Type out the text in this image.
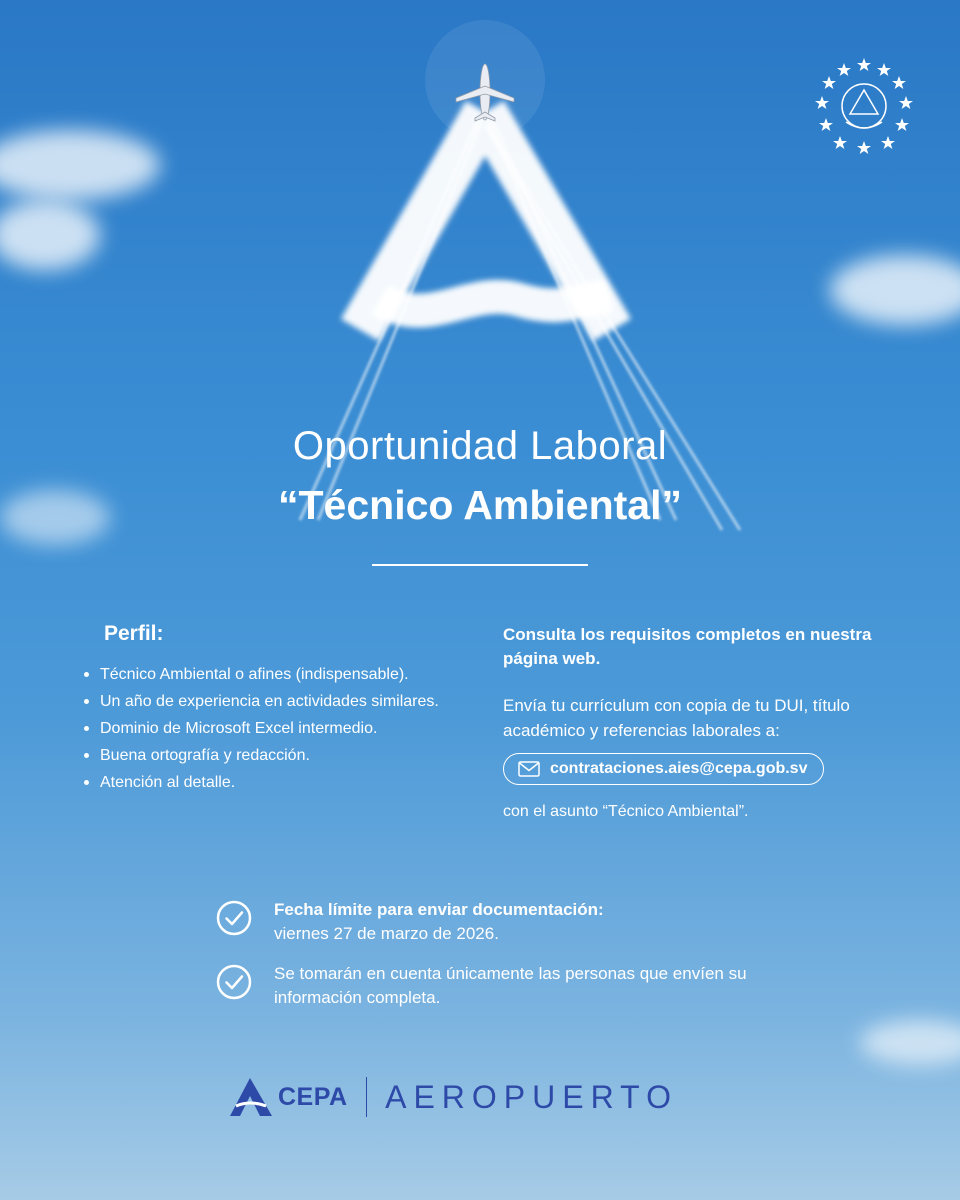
Oportunidad Laboral
“Técnico Ambiental”
Perfil:
Técnico Ambiental o afines (indispensable).
Un año de experiencia en actividades similares.
Dominio de Microsoft Excel intermedio.
Buena ortografía y redacción.
Atención al detalle.

Consulta los requisitos completos en nuestra página web.

Envía tu currículum con copia de tu DUI, título académico y referencias laborales a:

contrataciones.aies@cepa.gob.sv
con el asunto “Técnico Ambiental”.
Fecha límite para enviar documentación:
viernes 27 de marzo de 2026.
Se tomarán en cuenta únicamente las personas que envíen su información completa.
CEPA AEROPUERTO
